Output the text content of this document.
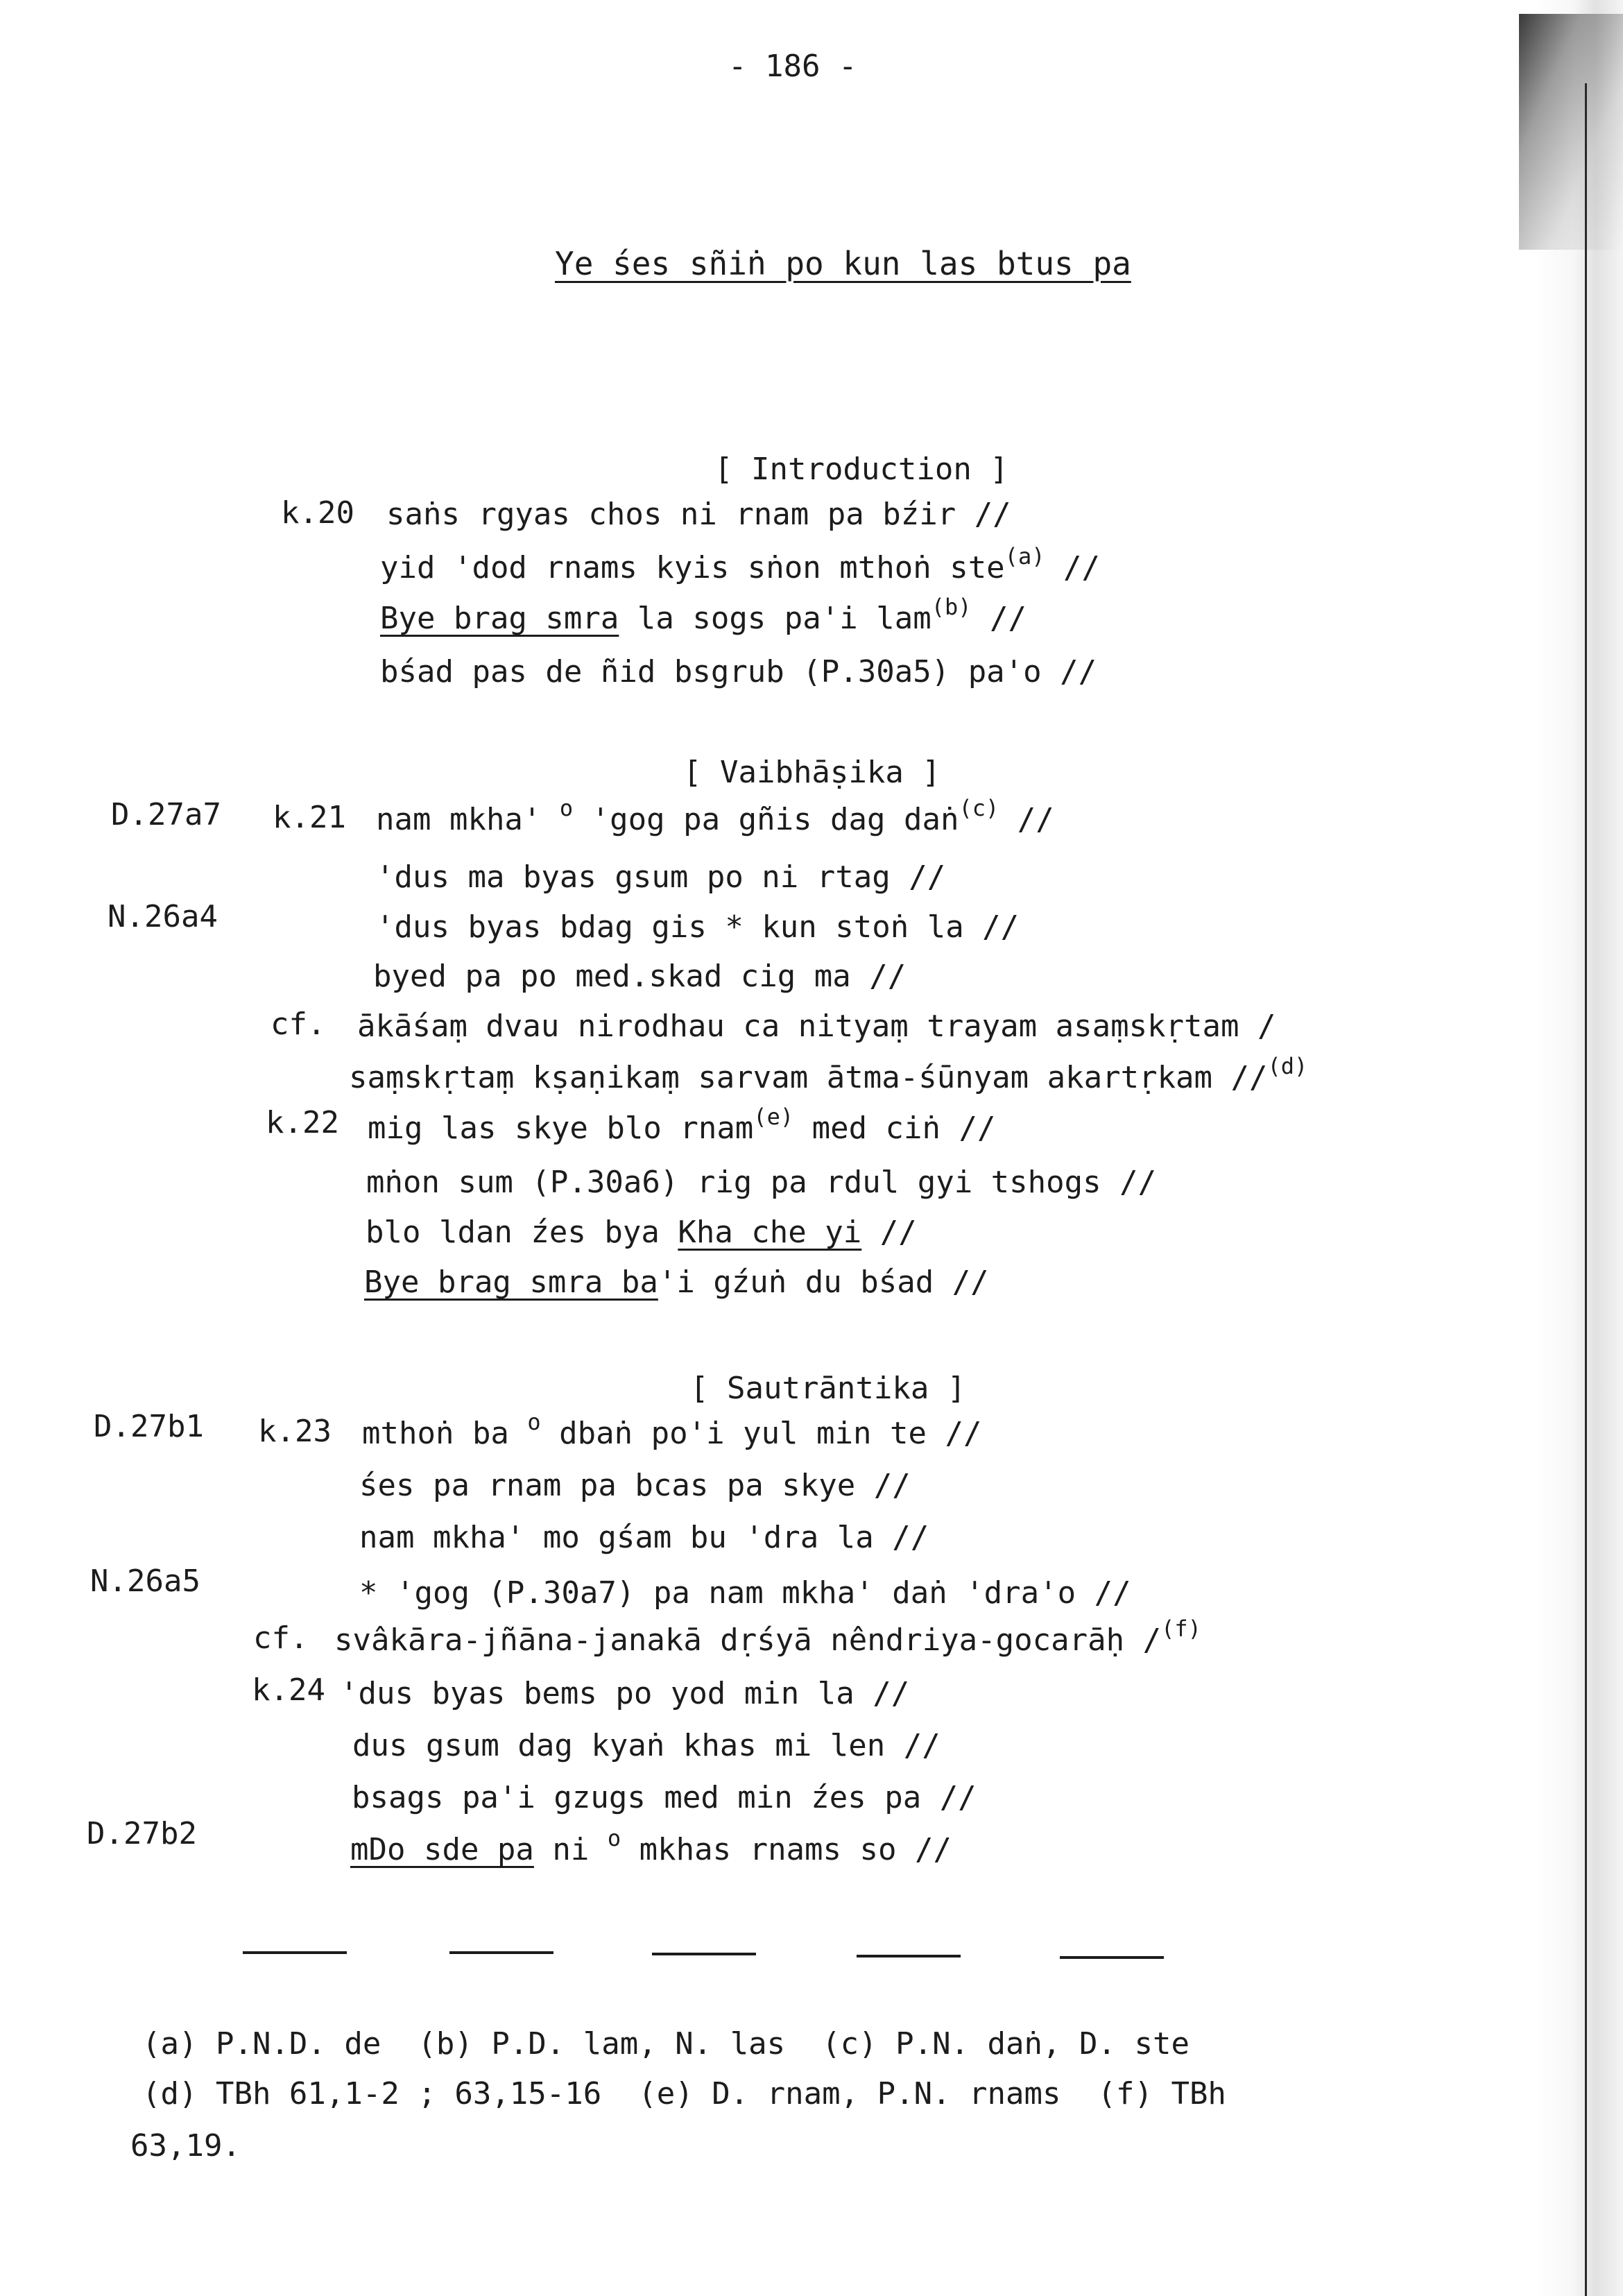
- 186 -
Ye śes sñiṅ po kun las btus pa
[ Introduction ]
k.20 saṅs rgyas chos ni rnam pa bźir //
yid 'dod rnams kyis sṅon mthoṅ ste$^{(a)}$ //
Bye brag smra la sogs pa'i lam$^{(b)}$ //
bśad pas de ñid bsgrub (P.30a5) pa'o //
[ Vaibhāṣika ]
D.27a7 k.21 nam mkha' $^o$ 'gog pa gñis dag daṅ$^{(c)}$ //
'dus ma byas gsum po ni rtag //
N.26a4	'dus byas bdag gis * kun stoṅ la //
byed pa po med.skad cig ma //
cf. ākāśaṃ dvau nirodhau ca nityaṃ trayam asaṃskṛtam /
saṃskṛtaṃ kṣaṇikaṃ sarvam ātma-śūnyam akartṛkam //$^{(d)}$
k.22 mig las skye blo rnam$^{(e)}$ med ciṅ //
mṅon sum (P.30a6) rig pa rdul gyi tshogs //
blo ldan źes bya Kha che yi //
Bye brag smra ba'i gźuṅ du bśad //
[ Sautrāntika ]
D.27b1 k.23 mthoṅ ba $^o$ dbaṅ po'i yul min te //
śes pa rnam pa bcas pa skye //
nam mkha' mo gśam bu 'dra la //
N.26a5	* 'gog (P.30a7) pa nam mkha' daṅ 'dra'o //
cf. svâkāra-jñāna-janakā dṛśyā nêndriya-gocarāḥ /$^{(f)}$
k.24 'dus byas bems po yod min la //
dus gsum dag kyaṅ khas mi len //
bsags pa'i gzugs med min źes pa //
D.27b2	mDo sde pa ni $^o$ mkhas rnams so //
(a) P.N.D. de  (b) P.D. lam, N. las  (c) P.N. daṅ, D. ste
(d) TBh 61,1-2 ; 63,15-16  (e) D. rnam, P.N. rnams  (f) TBh
63,19.
